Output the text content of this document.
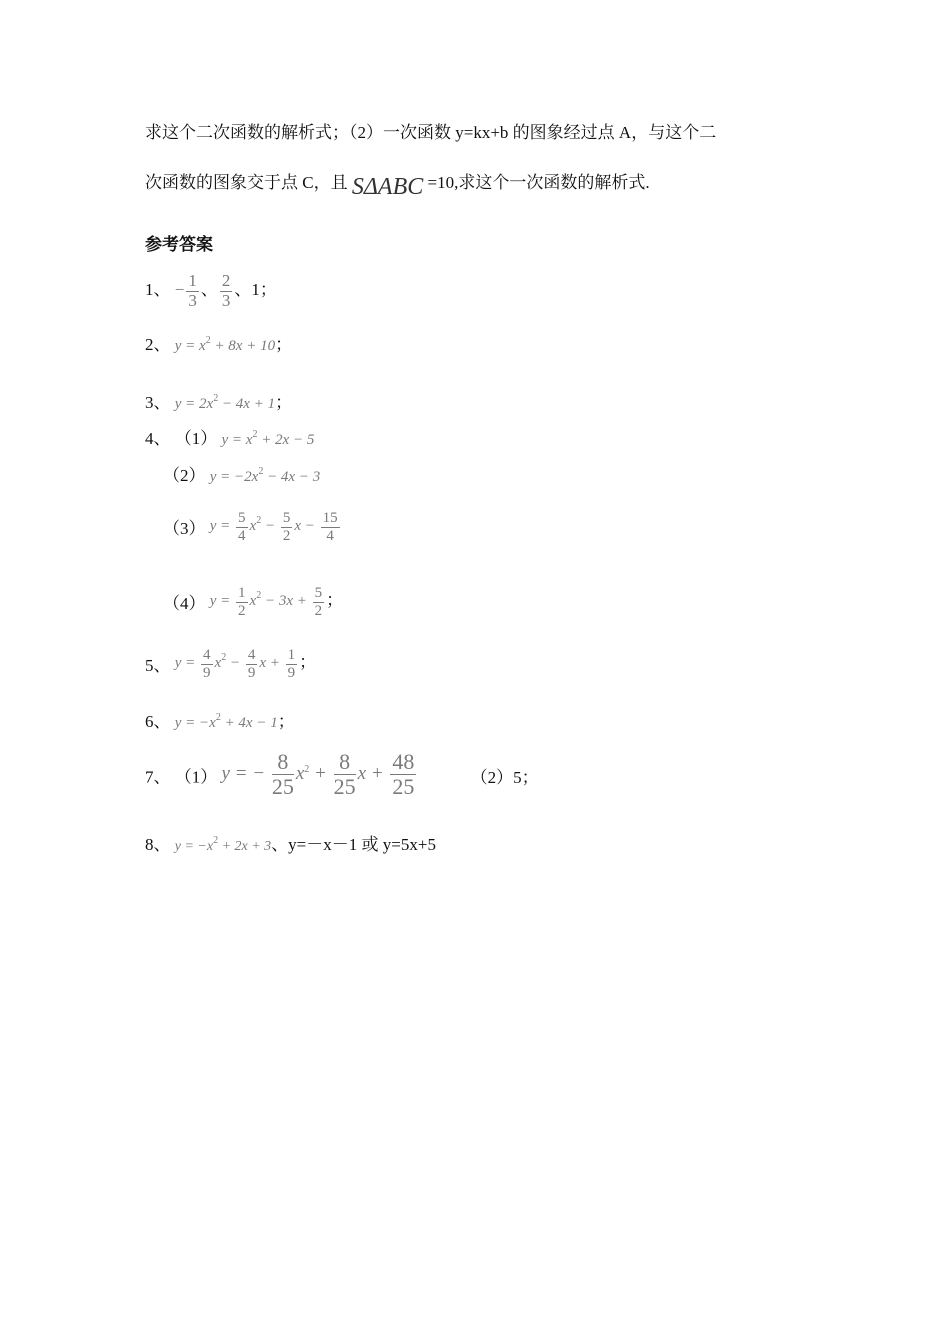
求这个二次函数的解析式；（2）一次函数 y=kx+b 的图象经过点 A，与这个二
次函数的图象交于点 C，且 SΔABC =10,求这个一次函数的解析式.
参考答案
1、 − $\frac{1}{3}$ 、 $\frac{2}{3}$ 、1；
2、 $y = x^2 + 8x + 10$；
3、 $y = 2x^2 - 4x + 1$；
4、 （1） $y = x^2 + 2x - 5$
（2） $y = -2x^2 - 4x - 3$
（3） $y = \frac{5}{4} x^2 - \frac{5}{2}$ $x - \frac{15}{4}$
（4） $y = \frac{1}{2} x^2 - 3x + \frac{5}{2}$ ；
5、 $y = \frac{4}{9} x^2 - \frac{4}{9}$ $x + \frac{1}{9}$ ；
6、 $y = -x^2 + 4x - 1$；
7、 （1） y = − $\frac{8}{25} x^2 + \frac{8}{25}$ $x + \frac{48}{25}$	（2）5；
8、 $y = -x^2 + 2x + 3$、y=－x－1 或 y=5x+5
